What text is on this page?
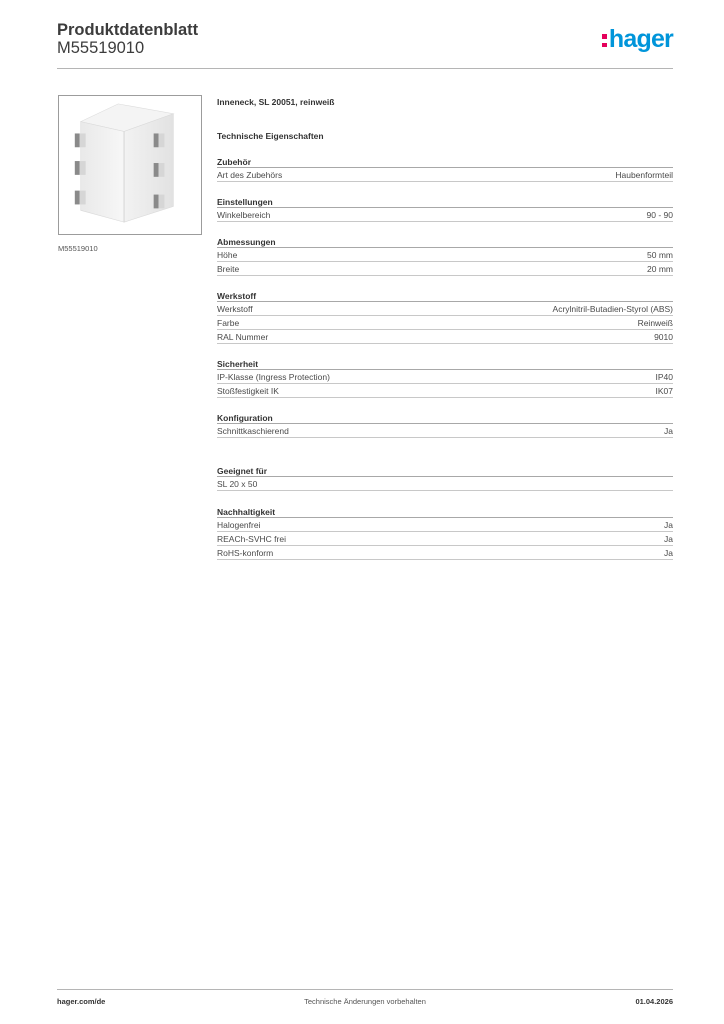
Produktdatenblatt
M55519010	hager
M55519010
Inneneck, SL 20051, reinweiß
Technische Eigenschaften
Zubehör
Art des Zubehörs	Haubenformteil
Einstellungen
Winkelbereich	90 - 90
Abmessungen
Höhe	50 mm
Breite	20 mm
Werkstoff
Werkstoff	Acrylnitril-Butadien-Styrol (ABS)
Farbe	Reinweiß
RAL Nummer	9010
Sicherheit
IP-Klasse (Ingress Protection)	IP40
Stoßfestigkeit IK	IK07
Konfiguration
Schnittkaschierend	Ja
Geeignet für
SL 20 x 50
Nachhaltigkeit
Halogenfrei	Ja
REACh-SVHC frei	Ja
RoHS-konform	Ja
hager.com/de	Technische Änderungen vorbehalten	01.04.2026
